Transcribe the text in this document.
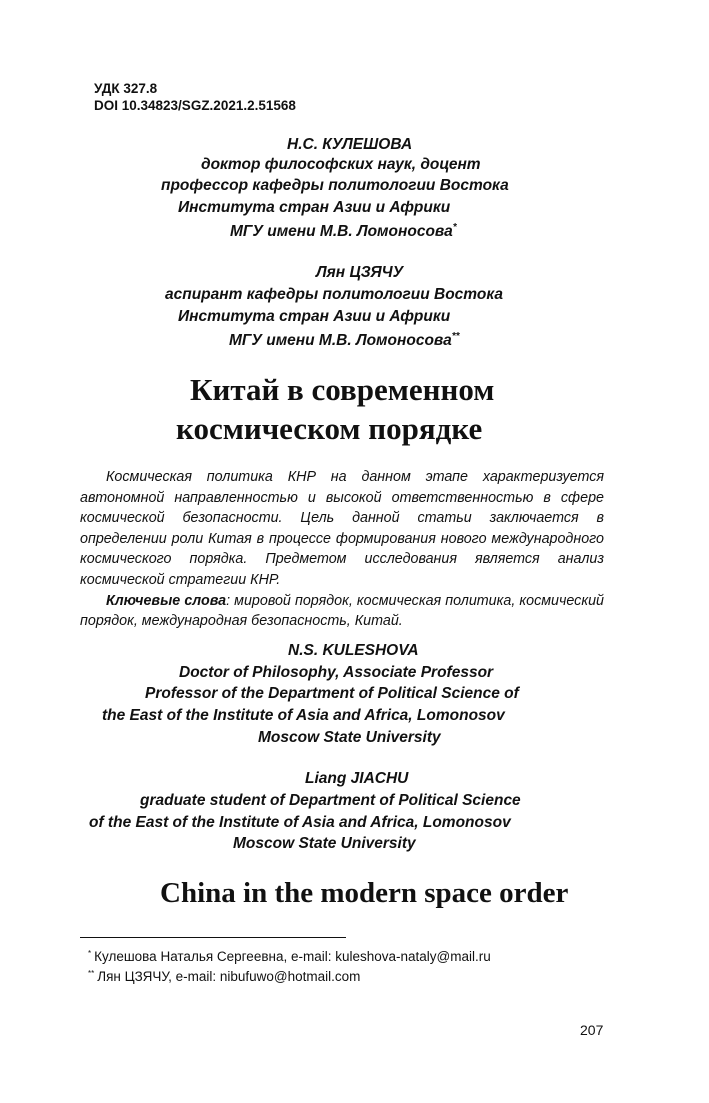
УДК 327.8
DOI 10.34823/SGZ.2021.2.51568
Н.С. КУЛЕШОВА
доктор философских наук, доцент
профессор кафедры политологии Востока
Института стран Азии и Африки
МГУ имени М.В. Ломоносова*
Лян ЦЗЯЧУ
аспирант кафедры политологии Востока
Института стран Азии и Африки
МГУ имени М.В. Ломоносова**
Китай в современном
космическом порядке

Космическая политика КНР на данном этапе характеризуется автономной направленностью и высокой ответственностью в сфере космической безопасности. Цель данной статьи заключается в определении роли Китая в процессе формирования нового международного космического порядка. Предметом исследования является анализ космической стратегии КНР.

Ключевые слова: мировой порядок, космическая политика, космический порядок, международная безопасность, Китай.

N.S. KULESHOVA
Doctor of Philosophy, Associate Professor
Professor of the Department of Political Science of
the East of the Institute of Asia and Africa, Lomonosov
Moscow State University
Liang JIACHU
graduate student of Department of Political Science
of the East of the Institute of Asia and Africa, Lomonosov
Moscow State University
China in the modern space order
* Кулешова Наталья Сергеевна, e-mail: kuleshova-nataly@mail.ru
** Лян ЦЗЯЧУ, e-mail: nibufuwo@hotmail.com
207
